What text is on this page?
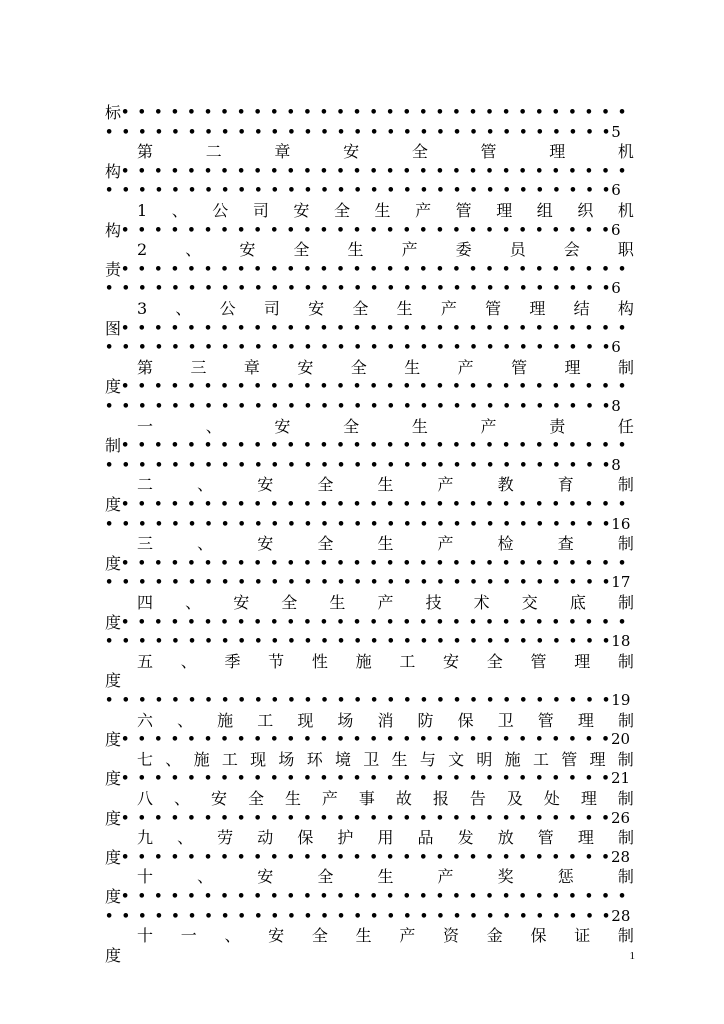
标 • • • • • • • • • • • • • • • • • • • • • • • • • • • • • • •
• • • • • • • • • • • • • • • • • • • • • • • • • • • • • • • 5
第	二	章	安	全	管	理	机
构 • • • • • • • • • • • • • • • • • • • • • • • • • • • • • • •
• • • • • • • • • • • • • • • • • • • • • • • • • • • • • • • 6
1 、 公 司 安 全 生 产 管 理 组 织 机
构 • • • • • • • • • • • • • • • • • • • • • • • • • • • • • • 6
2 、 安 全 生 产 委 员 会 职
责 • • • • • • • • • • • • • • • • • • • • • • • • • • • • • • •
• • • • • • • • • • • • • • • • • • • • • • • • • • • • • • • 6
3 、 公 司 安 全 生 产 管 理 结 构
图 • • • • • • • • • • • • • • • • • • • • • • • • • • • • • • •
• • • • • • • • • • • • • • • • • • • • • • • • • • • • • • • 6
第 三 章 安 全 生 产 管 理 制
度 • • • • • • • • • • • • • • • • • • • • • • • • • • • • • • •
• • • • • • • • • • • • • • • • • • • • • • • • • • • • • • • 8
一	、	安	全	生	产	责	任
制 • • • • • • • • • • • • • • • • • • • • • • • • • • • • • • •
• • • • • • • • • • • • • • • • • • • • • • • • • • • • • • • 8
二	、	安	全	生	产	教	育	制
度 • • • • • • • • • • • • • • • • • • • • • • • • • • • • • • •
• • • • • • • • • • • • • • • • • • • • • • • • • • • • • • • 16
三	、	安	全	生	产	检	查	制
度 • • • • • • • • • • • • • • • • • • • • • • • • • • • • • • •
• • • • • • • • • • • • • • • • • • • • • • • • • • • • • • • 17
四 、 安 全 生 产 技 术 交 底 制
度 • • • • • • • • • • • • • • • • • • • • • • • • • • • • • • •
• • • • • • • • • • • • • • • • • • • • • • • • • • • • • • • 18
五 、 季 节 性 施 工 安 全 管 理 制
度
• • • • • • • • • • • • • • • • • • • • • • • • • • • • • • • 19
六 、 施 工 现 场 消 防 保 卫 管 理 制
度 • • • • • • • • • • • • • • • • • • • • • • • • • • • • • • 20
七 、 施 工 现 场 环 境 卫 生 与 文 明 施 工 管 理 制
度 • • • • • • • • • • • • • • • • • • • • • • • • • • • • • • 21
八 、 安 全 生 产 事 故 报 告 及 处 理 制
度 • • • • • • • • • • • • • • • • • • • • • • • • • • • • • • 26
九 、 劳 动 保 护 用 品 发 放 管 理 制
度 • • • • • • • • • • • • • • • • • • • • • • • • • • • • • • 28
十	、	安	全	生	产	奖	惩	制
度 • • • • • • • • • • • • • • • • • • • • • • • • • • • • • • •
• • • • • • • • • • • • • • • • • • • • • • • • • • • • • • • 28
十 一 、 安 全 生 产 资 金 保 证 制
度	1
